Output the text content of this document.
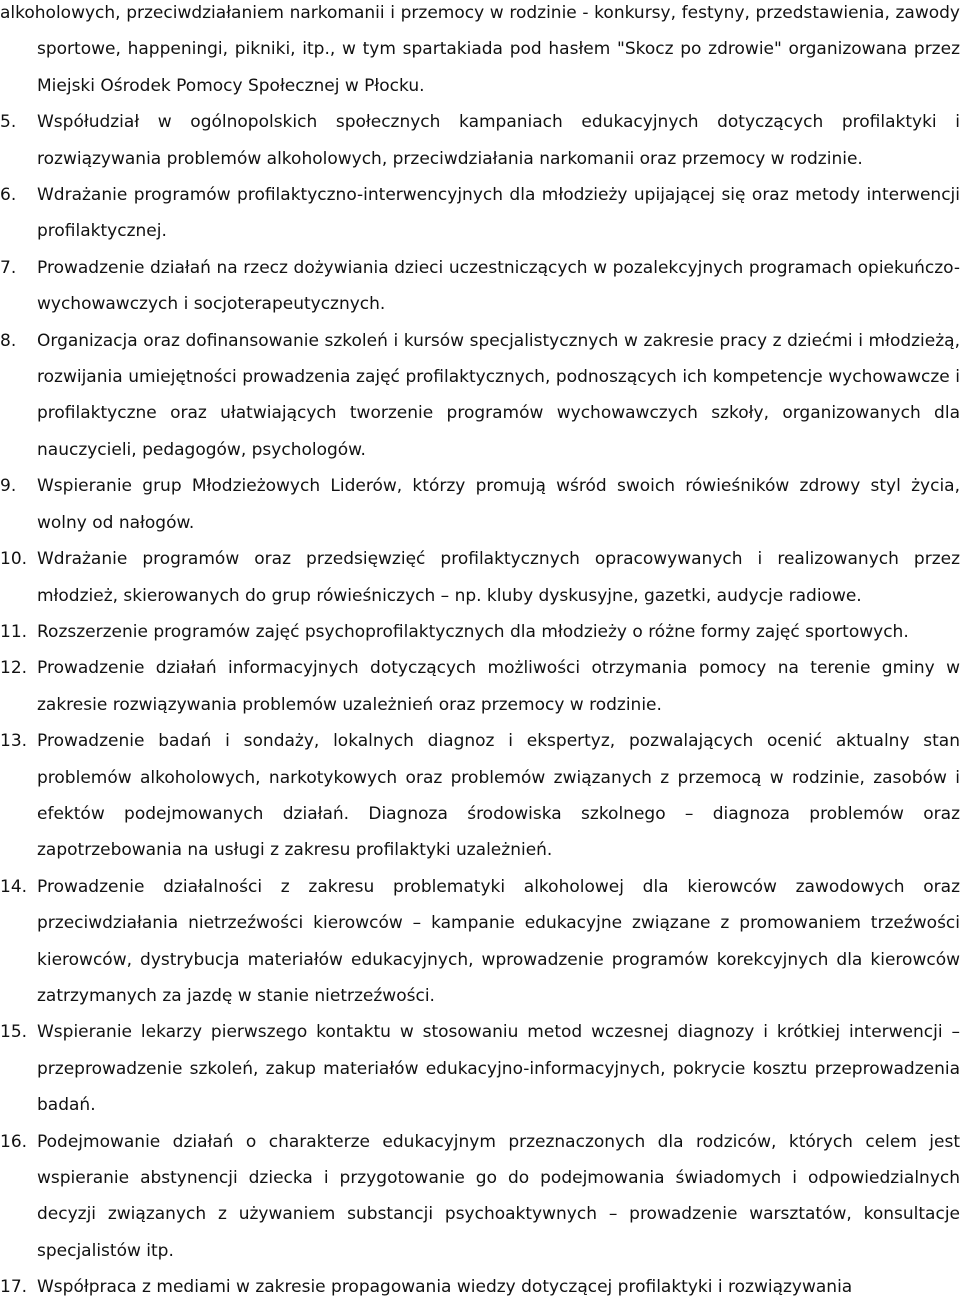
alkoholowych, przeciwdziałaniem narkomanii i przemocy w rodzinie - konkursy, festyny, przedstawienia, zawody sportowe, happeningi, pikniki, itp., w tym spartakiada pod hasłem "Skocz po zdrowie" organizowana przez Miejski Ośrodek Pomocy Społecznej w Płocku.

5.	Współudział w ogólnopolskich społecznych kampaniach edukacyjnych dotyczących profilaktyki i rozwiązywania problemów alkoholowych, przeciwdziałania narkomanii oraz przemocy w rodzinie.

6.	Wdrażanie programów profilaktyczno-interwencyjnych dla młodzieży upijającej się oraz metody interwencji profilaktycznej.

7.	Prowadzenie działań na rzecz dożywiania dzieci uczestniczących w pozalekcyjnych programach opiekuńczo-wychowawczych i socjoterapeutycznych.

8.	Organizacja oraz dofinansowanie szkoleń i kursów specjalistycznych w zakresie pracy z dziećmi i młodzieżą, rozwijania umiejętności prowadzenia zajęć profilaktycznych, podnoszących ich kompetencje wychowawcze i profilaktyczne oraz ułatwiających tworzenie programów wychowawczych szkoły, organizowanych dla nauczycieli, pedagogów, psychologów.

9.	Wspieranie grup Młodzieżowych Liderów, którzy promują wśród swoich rówieśników zdrowy styl życia, wolny od nałogów.

10. Wdrażanie programów oraz przedsięwzięć profilaktycznych opracowywanych i realizowanych przez młodzież, skierowanych do grup rówieśniczych – np. kluby dyskusyjne, gazetki, audycje radiowe.

11. Rozszerzenie programów zajęć psychoprofilaktycznych dla młodzieży o różne formy zajęć sportowych.

12. Prowadzenie działań informacyjnych dotyczących możliwości otrzymania pomocy na terenie gminy w zakresie rozwiązywania problemów uzależnień oraz przemocy w rodzinie.

13. Prowadzenie badań i sondaży, lokalnych diagnoz i ekspertyz, pozwalających ocenić aktualny stan problemów alkoholowych, narkotykowych oraz problemów związanych z przemocą w rodzinie, zasobów i efektów podejmowanych działań. Diagnoza środowiska szkolnego – diagnoza problemów oraz zapotrzebowania na usługi z zakresu profilaktyki uzależnień.

14. Prowadzenie działalności z zakresu problematyki alkoholowej dla kierowców zawodowych oraz przeciwdziałania nietrzeźwości kierowców – kampanie edukacyjne związane z promowaniem trzeźwości kierowców, dystrybucja materiałów edukacyjnych, wprowadzenie programów korekcyjnych dla kierowców zatrzymanych za jazdę w stanie nietrzeźwości.

15. Wspieranie lekarzy pierwszego kontaktu w stosowaniu metod wczesnej diagnozy i krótkiej interwencji – przeprowadzenie szkoleń, zakup materiałów edukacyjno-informacyjnych, pokrycie kosztu przeprowadzenia badań.

16. Podejmowanie działań o charakterze edukacyjnym przeznaczonych dla rodziców, których celem jest wspieranie abstynencji dziecka i przygotowanie go do podejmowania świadomych i odpowiedzialnych decyzji związanych z używaniem substancji psychoaktywnych – prowadzenie warsztatów, konsultacje specjalistów itp.

17. Współpraca z mediami w zakresie propagowania wiedzy dotyczącej profilaktyki i rozwiązywania
